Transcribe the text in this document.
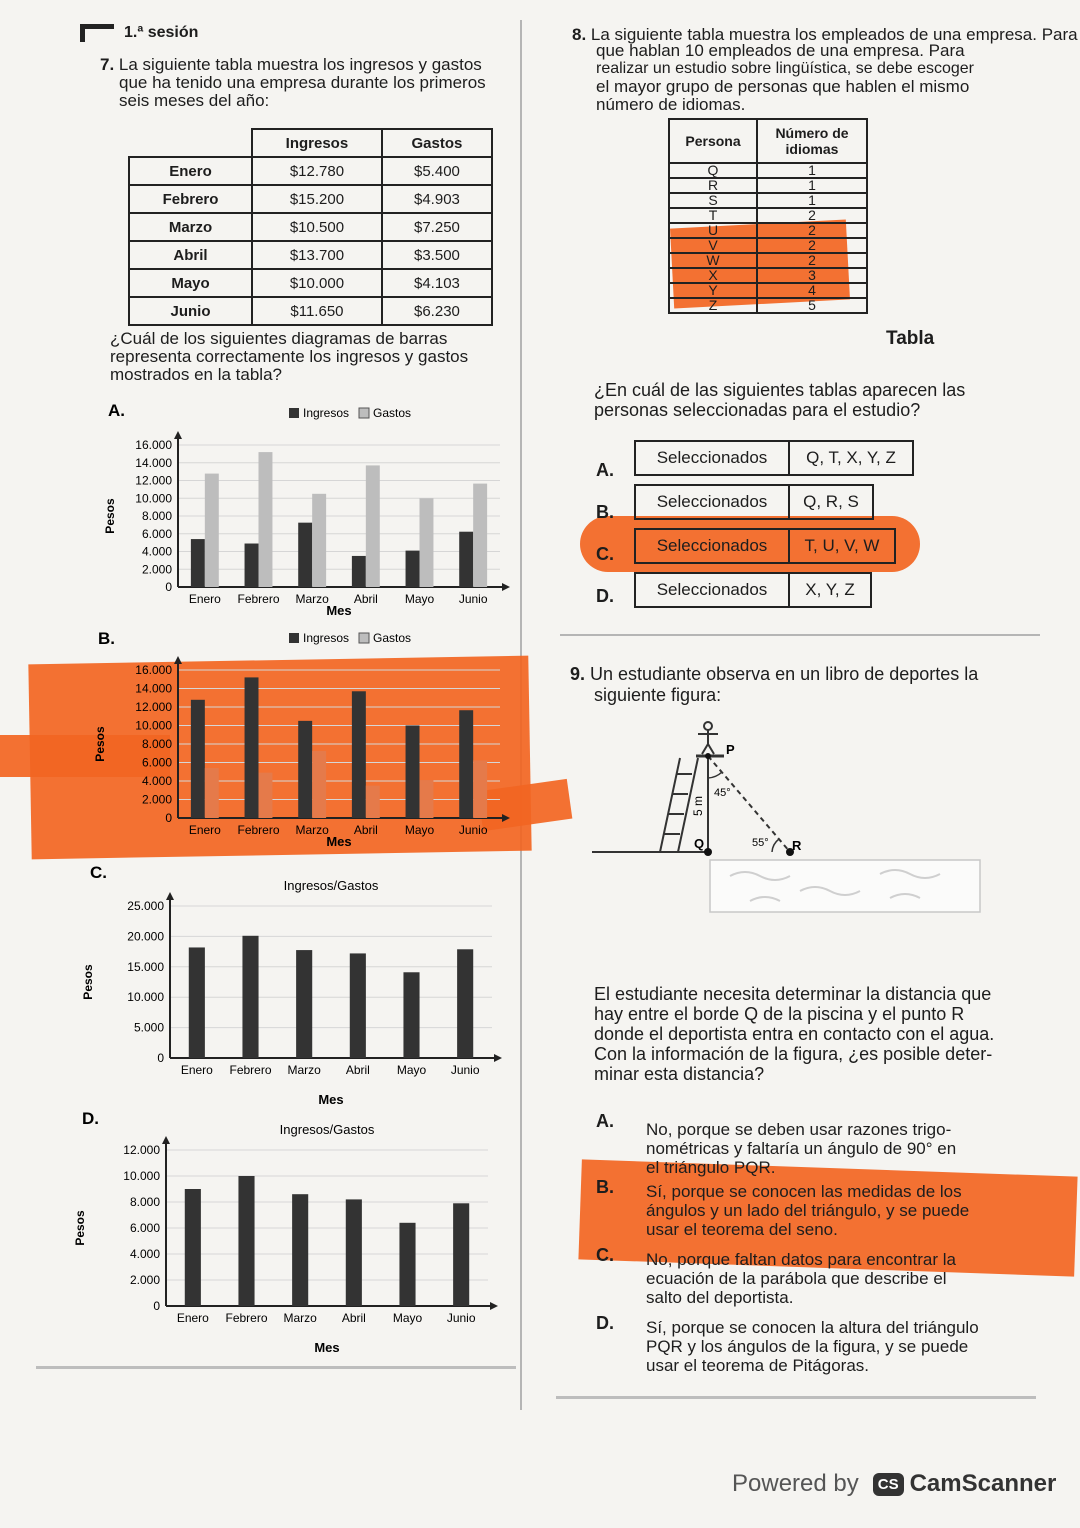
1.ª sesión
7. La siguiente tabla muestra los ingresos y gastos
que ha tenido una empresa durante los primeros
seis meses del año:
	Ingresos	Gastos
Enero	$12.780	$5.400
Febrero	$15.200	$4.903
Marzo	$10.500	$7.250
Abril	$13.700	$3.500
Mayo	$10.000	$4.103
Junio	$11.650	$6.230
¿Cuál de los siguientes diagramas de barras
representa correctamente los ingresos y gastos
mostrados en la tabla?
A.
16.000
14.000
12.000
10.000
8.000
6.000
4.000
2.000
0
Pesos
Mes
Ingresos Gastos
Enero Febrero Marzo Abril Mayo Junio
B.
16.000
14.000
12.000
10.000
8.000
6.000
4.000
2.000
0
Pesos
Mes
Ingresos Gastos
Enero Febrero Marzo Abril Mayo Junio
C.
25.000
20.000
15.000
10.000
5.000
0
Pesos
Mes
Ingresos/Gastos
Enero Febrero Marzo Abril Mayo Junio
D.
12.000
10.000
8.000
6.000
4.000
2.000
0
Pesos
Mes
Ingresos/Gastos
Enero Febrero Marzo Abril Mayo Junio
8. La siguiente tabla muestra los empleados de una empresa. Para
que hablan 10 empleados de una empresa. Para
realizar un estudio sobre lingüística, se debe escoger
el mayor grupo de personas que hablen el mismo
número de idiomas.
Persona	Número de idiomas
Q	1
R	1
S	1
T	2
U	2
V	2
W	2
X	3
Y	4
Z	5
Tabla
¿En cuál de las siguientes tablas aparecen las
personas seleccionadas para el estudio?
A.
Seleccionados	Q, T, X, Y, Z
B.
Seleccionados	Q, R, S
C.	Seleccionados	T, U, V, W
D.	Seleccionados	X, Y, Z
9. Un estudiante observa en un libro de deportes la
siguiente figura:
P
Q	R
5 m
45°
55°
El estudiante necesita determinar la distancia que
hay entre el borde Q de la piscina y el punto R
donde el deportista entra en contacto con el agua.
Con la información de la figura, ¿es posible deter-
minar esta distancia?
A. No, porque se deben usar razones trigo-
nométricas y faltaría un ángulo de 90° en
el triángulo PQR.
B. Sí, porque se conocen las medidas de los
ángulos y un lado del triángulo, y se puede
usar el teorema del seno.
C. No, porque faltan datos para encontrar la
ecuación de la parábola que describe el
salto del deportista.
D. Sí, porque se conocen la altura del triángulo
PQR y los ángulos de la figura, y se puede
usar el teorema de Pitágoras.
Powered by CS CamScanner
